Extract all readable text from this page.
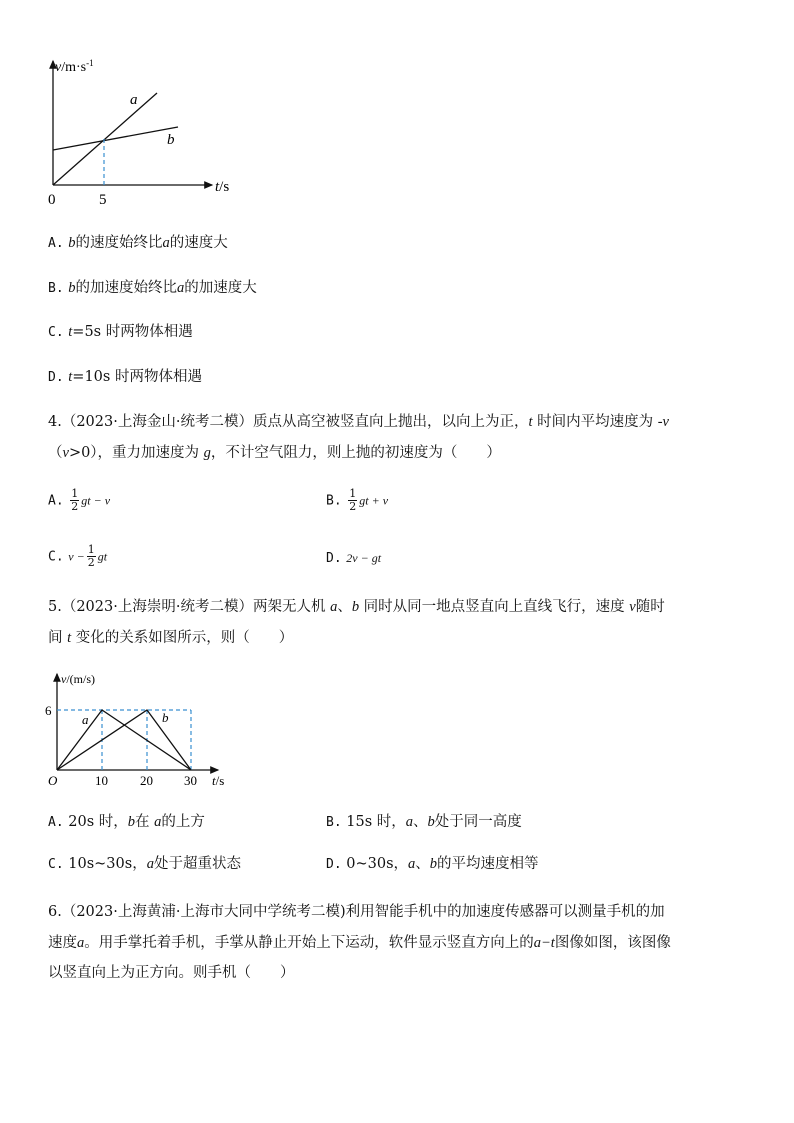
$v/m\cdot s^{-1}$
t/s
0	5
a
b
A. b的速度始终比a的速度大
B. b的加速度始终比a的加速度大
C. t=5s 时两物体相遇
D. t=10s 时两物体相遇
4.（2023·上海金山·统考二模）质点从高空被竖直向上抛出，以向上为正，t 时间内平均速度为 -v
（v>0），重力加速度为 g，不计空气阻力，则上抛的初速度为（　　）
A. $\frac{1}{2}$ gt − v	B. $\frac{1}{2}$ gt + v
C. $v - \frac{1}{2}$ gt	D. 2v − gt
5.（2023·上海崇明·统考二模）两架无人机 a、b 同时从同一地点竖直向上直线飞行，速度 v随时
间 t 变化的关系如图所示，则（　　）
v/(m/s)
6
a	b
O	10 20 30 t/s
A. 20s 时，b在 a的上方	B. 15s 时，a、b处于同一高度
C. 10s~30s，a处于超重状态	D. 0~30s，a、b的平均速度相等
6.（2023·上海黄浦·上海市大同中学统考二模)利用智能手机中的加速度传感器可以测量手机的加
速度a。用手掌托着手机，手掌从静止开始上下运动，软件显示竖直方向上的a−t图像如图，该图像
以竖直向上为正方向。则手机（　　）
